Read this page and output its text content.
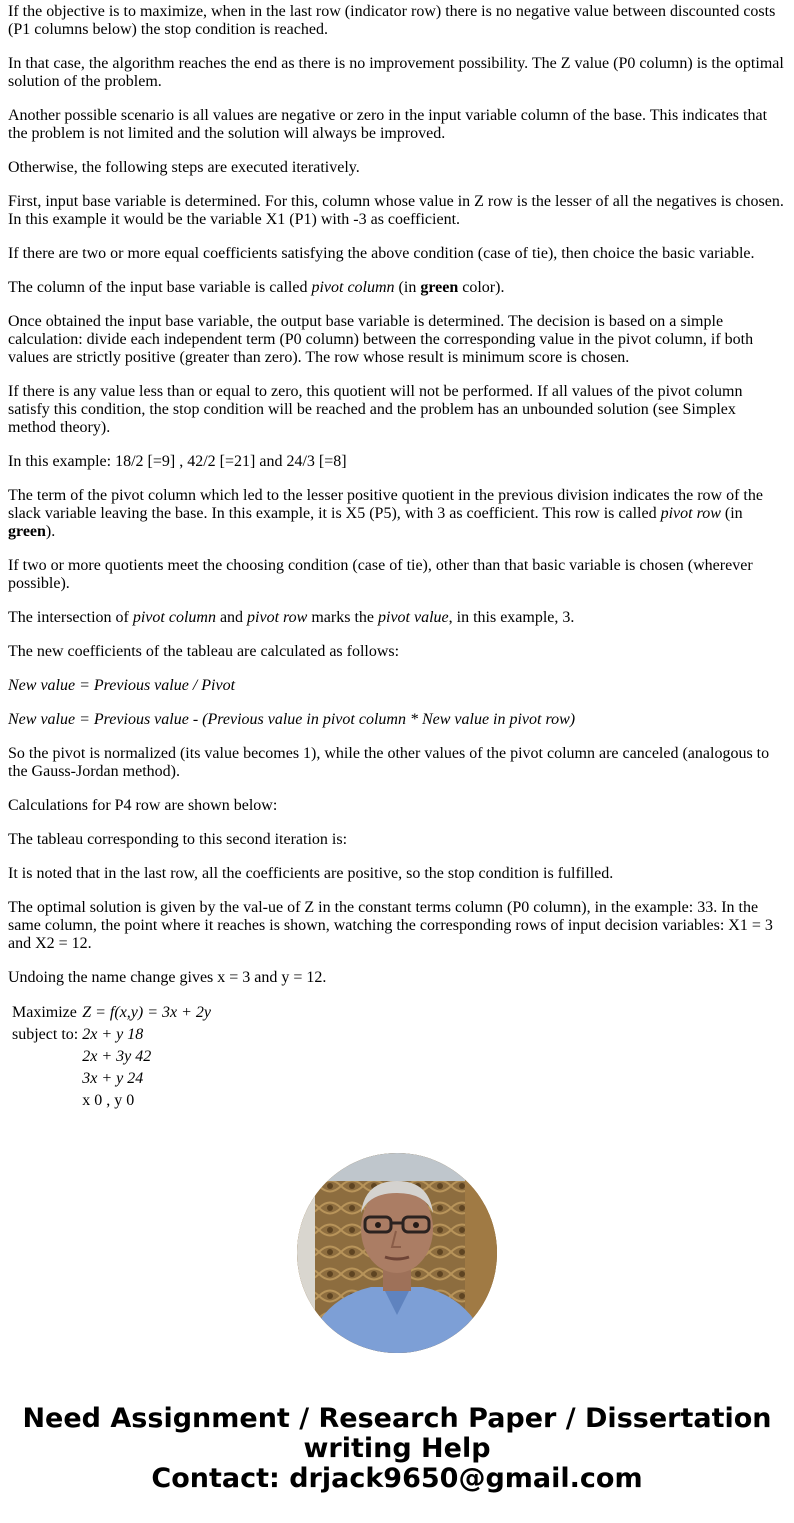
If the objective is to maximize, when in the last row (indicator row) there is no negative value between discounted costs (P1 columns below) the stop condition is reached.

In that case, the algorithm reaches the end as there is no improvement possibility. The Z value (P0 column) is the optimal solution of the problem.

Another possible scenario is all values are negative or zero in the input variable column of the base. This indicates that the problem is not limited and the solution will always be improved.

Otherwise, the following steps are executed iteratively.

First, input base variable is determined. For this, column whose value in Z row is the lesser of all the negatives is chosen. In this example it would be the variable X1 (P1) with -3 as coefficient.

If there are two or more equal coefficients satisfying the above condition (case of tie), then choice the basic variable.

The column of the input base variable is called pivot column (in green color).

Once obtained the input base variable, the output base variable is determined. The decision is based on a simple calculation: divide each independent term (P0 column) between the corresponding value in the pivot column, if both values are strictly positive (greater than zero). The row whose result is minimum score is chosen.

If there is any value less than or equal to zero, this quotient will not be performed. If all values of the pivot column satisfy this condition, the stop condition will be reached and the problem has an unbounded solution (see Simplex method theory).

In this example: 18/2 [=9] , 42/2 [=21] and 24/3 [=8]

The term of the pivot column which led to the lesser positive quotient in the previous division indicates the row of the slack variable leaving the base. In this example, it is X5 (P5), with 3 as coefficient. This row is called pivot row (in green).

If two or more quotients meet the choosing condition (case of tie), other than that basic variable is chosen (wherever possible).

The intersection of pivot column and pivot row marks the pivot value, in this example, 3.

The new coefficients of the tableau are calculated as follows:

New value = Previous value / Pivot

New value = Previous value - (Previous value in pivot column * New value in pivot row)

So the pivot is normalized (its value becomes 1), while the other values of the pivot column are canceled (analogous to the Gauss-Jordan method).

Calculations for P4 row are shown below:

The tableau corresponding to this second iteration is:

It is noted that in the last row, all the coefficients are positive, so the stop condition is fulfilled.

The optimal solution is given by the val-ue of Z in the constant terms column (P0 column), in the example: 33. In the same column, the point where it reaches is shown, watching the corresponding rows of input decision variables: X1 = 3 and X2 = 12.

Undoing the name change gives x = 3 and y = 12.

Maximize	Z = f(x,y) = 3x + 2y
subject to:	2x + y 18
	2x + 3y 42
	3x + y 24
	x 0 , y 0
Need Assignment / Research Paper / Dissertation
writing Help
Contact: drjack9650@gmail.com
